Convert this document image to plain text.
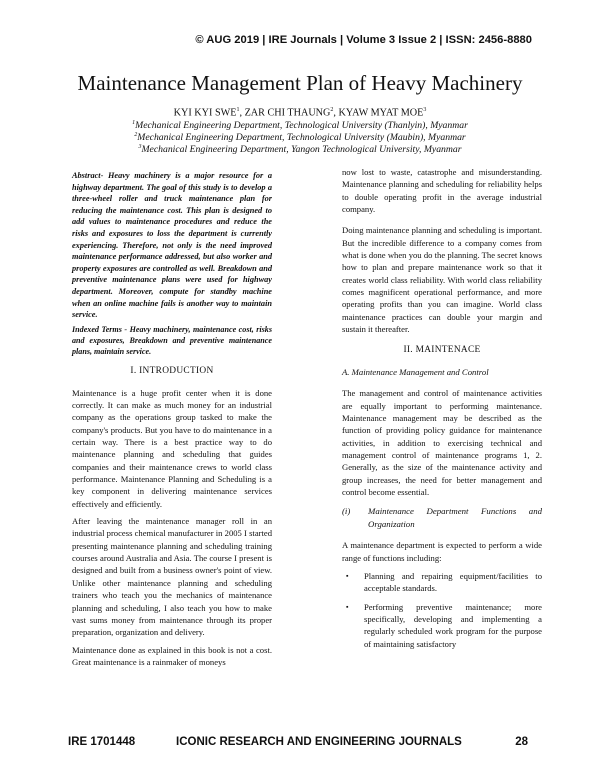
© AUG 2019 | IRE Journals | Volume 3 Issue 2 | ISSN: 2456-8880
Maintenance Management Plan of Heavy Machinery
KYI KYI SWE$^1$, ZAR CHI THAUNG$^2$, KYAW MYAT MOE$^3$
$^1$Mechanical Engineering Department, Technological University (Thanlyin), Myanmar
$^2$Mechanical Engineering Department, Technological University (Maubin), Myanmar
$^3$Mechanical Engineering Department, Yangon Technological University, Myanmar

Abstract- Heavy machinery is a major resource for a highway department. The goal of this study is to develop a three-wheel roller and truck maintenance plan for reducing the maintenance cost. This plan is designed to add values to maintenance procedures and reduce the risks and exposures to loss the department is currently experiencing. Therefore, not only is the need improved maintenance performance addressed, but also worker and property exposures are controlled as well. Breakdown and preventive maintenance plans were used for highway department. Moreover, compute for standby machine when an online machine fails is another way to maintain service.

Indexed Terms - Heavy machinery, maintenance cost, risks and exposures, Breakdown and preventive maintenance plans, maintain service.

I. INTRODUCTION

Maintenance is a huge profit center when it is done correctly. It can make as much money for an industrial company as the operations group tasked to make the company's products. But you have to do maintenance in a certain way. There is a best practice way to do maintenance planning and scheduling that guides companies and their maintenance crews to world class performance. Maintenance Planning and Scheduling is a key component in delivering maintenance services effectively and efficiently.

After leaving the maintenance manager roll in an industrial process chemical manufacturer in 2005 I started presenting maintenance planning and scheduling training courses around Australia and Asia. The course I present is designed and built from a business owner's point of view. Unlike other maintenance planning and scheduling trainers who teach you the mechanics of maintenance planning and scheduling, I also teach you how to make vast sums money from maintenance through its proper preparation, organization and delivery.

Maintenance done as explained in this book is not a cost. Great maintenance is a rainmaker of moneys

now lost to waste, catastrophe and misunderstanding. Maintenance planning and scheduling for reliability helps to double operating profit in the average industrial company.

Doing maintenance planning and scheduling is important. But the incredible difference to a company comes from what is done when you do the planning. The secret knows how to plan and prepare maintenance work so that it creates world class reliability. With world class reliability comes magnificent operational performance, and more operating profits than you can imagine. World class maintenance practices can double your margin and sustain it thereafter.

II. MAINTENACE

A. Maintenance Management and Control

The management and control of maintenance activities are equally important to performing maintenance. Maintenance management may be described as the function of providing policy guidance for maintenance activities, in addition to exercising technical and management control of maintenance programs 1, 2. Generally, as the size of the maintenance activity and group increases, the need for better management and control become essential.

(i)	Maintenance Department Functions and Organization

A maintenance department is expected to perform a wide range of functions including:

▪	Planning and repairing equipment/facilities to acceptable standards.
▪	Performing preventive maintenance; more specifically, developing and implementing a regularly scheduled work program for the purpose of maintaining satisfactory
IRE 1701448	ICONIC RESEARCH AND ENGINEERING JOURNALS	28
